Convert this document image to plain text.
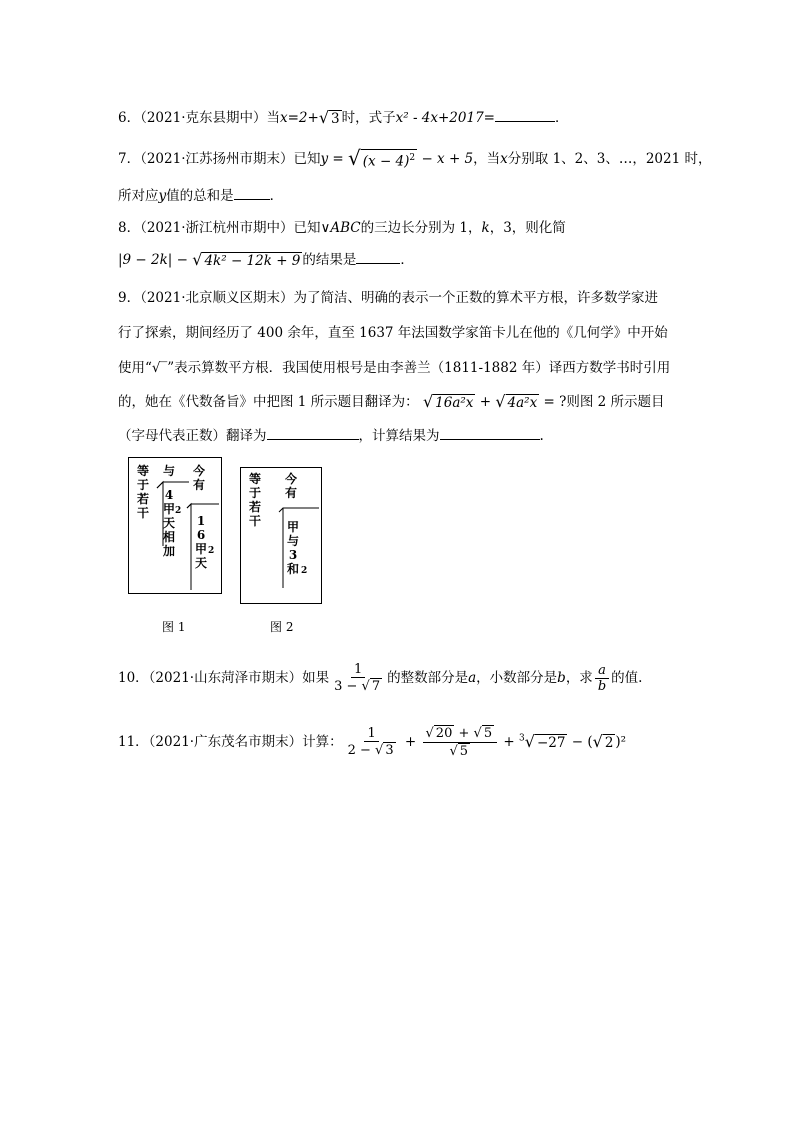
6．（2021·克东县期中）当x=2+√ 3 时，式子x² - 4x+2017=	．
7．（2021·江苏扬州市期末）已知y = √ $(x - 4)^2 - x + 5$，当x分别取 1、2、3、…，2021 时，
所对应y值的总和是	．
8．（2021·浙江杭州市期中）已知∨ABC的三边长分别为 1，k，3，则化简
|9 − 2k| − √ 4k² − 12k + 9 的结果是	．
9．（2021·北京顺义区期末）为了简洁、明确的表示一个正数的算术平方根，许多数学家进
行了探索，期间经历了 400 余年，直至 1637 年法国数学家笛卡儿在他的《几何学》中开始
使用“√‾”表示算数平方根．我国使用根号是由李善兰（1811-1882 年）译西方数学书时引用
的，她在《代数备旨》中把图 1 所示题目翻译为： √ 16a²x + √ 4a²x = ?则图 2 所示题目
（字母代表正数）翻译为	，计算结果为	.
等
于
若
干
与
4
甲
天
相
加
2
今
有
1
6
甲
天
2
图 1
等
于
若
干
今
有
甲
与
3
和 2
图 2
10．（2021·山东菏泽市期末）如果 $\frac{1}{3 - √ 7}$ 的整数部分是a，小数部分是b，求 $\frac{a}{b}$ 的值.
11．（2021·广东茂名市期末）计算： $\frac{1}{2 - √ 3} + \frac{√ 20 + √ 5}{√ 5} + ^3√ -27$ − (√ 2 )²
